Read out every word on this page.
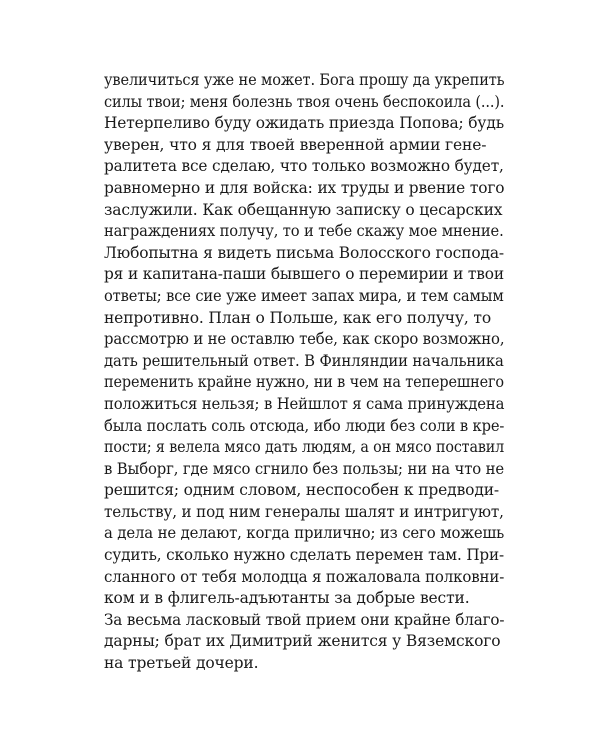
увеличиться уже не может. Бога прошу да укрепить силы твои; меня болезнь твоя очень беспокоила (...). Нетерпеливо буду ожидать приезда Попова; будь
уверен, что я для твоей вверенной армии гене-
ралитета все сделаю, что только возможно будет, равномерно и для войска: их труды и рвение того
заслужили. Как обещанную записку о цесарских
награждениях получу, то и тебе скажу мое мнение. Любопытна я видеть письма Волосского господа- ря и капитана-паши бывшего о перемирии и твои ответы; все сие уже имеет запах мира, и тем самым
непротивно. План о Польше, как его получу, то
рассмотрю и не оставлю тебе, как скоро возможно, дать решительный ответ. В Финляндии начальника переменить крайне нужно, ни в чем на теперешнего положиться нельзя; в Нейшлот я сама принуждена была послать соль отсюда, ибо люди без соли в кре- пости; я велела мясо дать людям, а он мясо поставил в Выборг, где мясо сгнило без пользы; ни на что не
решится; одним словом, неспособен к предводи-
тельству, и под ним генералы шалят и интригуют, а дела не делают, когда прилично; из сего можешь судить, сколько нужно сделать перемен там. При- сланного от тебя молодца я пожаловала полковни-
ком и в флигель-адъютанты за добрые вести.
За весьма ласковый твой прием они крайне благо-
дарны; брат их Димитрий женится у Вяземского
на третьей дочери.
